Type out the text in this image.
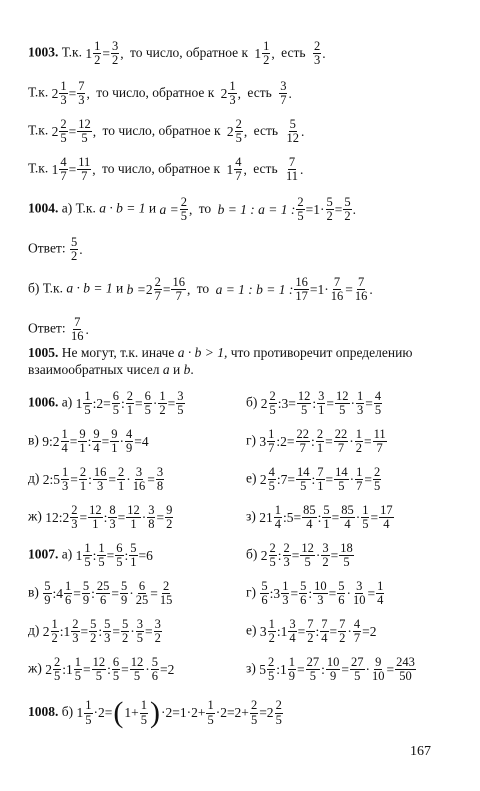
1003. Т.к. $1 \frac{1}{2} = \frac{3}{2}$ , то число, обратное к $1 \frac{1}{2}$ , есть $\frac{2}{3}$ .
Т.к. $2 \frac{1}{3} = \frac{7}{3}$ , то число, обратное к $2 \frac{1}{3}$ , есть $\frac{3}{7}$ .
Т.к. $2 \frac{2}{5} = \frac{12}{5}$ , то число, обратное к $2 \frac{2}{5}$ , есть $\frac{5}{12}$ .
Т.к. $1 \frac{4}{7} = \frac{11}{7}$ , то число, обратное к $1 \frac{4}{7}$ , есть $\frac{7}{11}$ .
1004. а) Т.к. a · b = 1 и $a = \frac{2}{5}$ , то b = 1 : a = 1 : $\frac{2}{5} =1\cdot \frac{5}{2} = \frac{5}{2}$ .
Ответ: $\frac{5}{2}$ .
б) Т.к. a · b = 1 и $b = 2 \frac{2}{7} = \frac{16}{7}$ , то a = 1 : b = 1 : $\frac{16}{17} =1\cdot \frac{7}{16} = \frac{7}{16}$ .
Ответ: $\frac{7}{16}$ .
1005. Не могут, т.к. иначе a · b > 1, что противоречит определению
взаимообратных чисел a и b.
1006. а) $1 \frac{1}{5}$ :2= $\frac{6}{5}$ : $\frac{2}{1} = \frac{6}{5} \cdot \frac{1}{2} = \frac{3}{5}$
в) 9:2 $\frac{1}{4} = \frac{9}{1}$ : $\frac{9}{4} = \frac{9}{1} \cdot \frac{4}{9} =4$
д) 2:5 $\frac{1}{3} = \frac{2}{1}$ : $\frac{16}{3} = \frac{2}{1} \cdot \frac{3}{16} = \frac{3}{8}$
ж) 12:2 $\frac{2}{3} = \frac{12}{1}$ : $\frac{8}{3} = \frac{12}{1} \cdot \frac{3}{8} = \frac{9}{2}$
б) $2 \frac{2}{5}$ :3= $\frac{12}{5}$ : $\frac{3}{1} = \frac{12}{5} \cdot \frac{1}{3} = \frac{4}{5}$
г) $3 \frac{1}{7}$ :2= $\frac{22}{7}$ : $\frac{2}{1} = \frac{22}{7} \cdot \frac{1}{2} = \frac{11}{7}$
е) $2 \frac{4}{5}$ :7= $\frac{14}{5}$ : $\frac{7}{1} = \frac{14}{5} \cdot \frac{1}{7} = \frac{2}{5}$
з) $21 \frac{1}{4}$ :5= $\frac{85}{4}$ : $\frac{5}{1} = \frac{85}{4} \cdot \frac{1}{5} = \frac{17}{4}$
1007. а) $1 \frac{1}{5}$ : $\frac{1}{5} = \frac{6}{5}$ : $\frac{5}{1} =6$
$в) \frac{5}{9}$ :4 $\frac{1}{6} = \frac{5}{9}$ : $\frac{25}{6} = \frac{5}{9} \cdot \frac{6}{25} = \frac{2}{15}$
д) $2 \frac{1}{2}$ :1 $\frac{2}{3} = \frac{5}{2}$ : $\frac{5}{3} = \frac{5}{2} \cdot \frac{3}{5} = \frac{3}{2}$
ж) $2 \frac{2}{5}$ :1 $\frac{1}{5} = \frac{12}{5}$ : $\frac{6}{5} = \frac{12}{5} \cdot \frac{5}{6} =2$
б) $2 \frac{2}{5}$ : $\frac{2}{3} = \frac{12}{5} \cdot \frac{3}{2} = \frac{18}{5}$
$г) \frac{5}{6}$ :3 $\frac{1}{3} = \frac{5}{6}$ : $\frac{10}{3} = \frac{5}{6} \cdot \frac{3}{10} = \frac{1}{4}$
е) $3 \frac{1}{2}$ :1 $\frac{3}{4} = \frac{7}{2}$ : $\frac{7}{4} = \frac{7}{2} \cdot \frac{4}{7} =2$
з) $5 \frac{2}{5}$ :1 $\frac{1}{9} = \frac{27}{5}$ : $\frac{10}{9} = \frac{27}{5} \cdot \frac{9}{10} = \frac{243}{50}$
1008. б) $1 \frac{1}{5} \cdot 2=$ ( $1+ \frac{1}{5}$ ) $\cdot 2=1\cdot 2+ \frac{1}{5} \cdot 2=2+ \frac{2}{5} =2 \frac{2}{5}$
167
